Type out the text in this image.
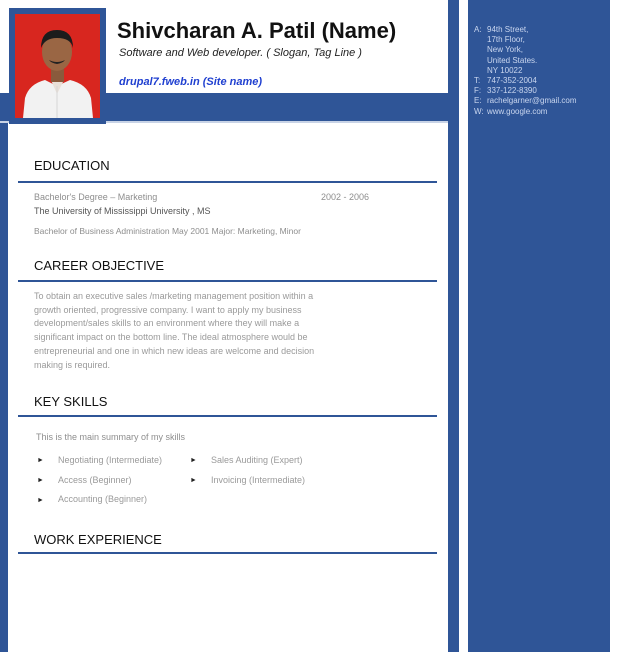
Shivcharan A. Patil (Name)
Software and Web developer. ( Slogan, Tag Line )
drupal7.fweb.in (Site name)
A: 94th Street,
17th Floor,
New York,
United States.
NY 10022
T: 747-352-2004
F: 337-122-8390
E: rachelgarner@gmail.com
W: www.google.com
EDUCATION
Bachelor's Degree – Marketing	2002 - 2006
The University of Mississippi University , MS
Bachelor of Business Administration May 2001 Major: Marketing, Minor
CAREER OBJECTIVE
To obtain an executive sales /marketing management position within a
growth oriented, progressive company. I want to apply my business
development/sales skills to an environment where they will make a
significant impact on the bottom line. The ideal atmosphere would be
entrepreneurial and one in which new ideas are welcome and decision
making is required.
KEY SKILLS
This is the main summary of my skills
► Negotiating (Intermediate)
► Access (Beginner)
► Accounting (Beginner)
► Sales Auditing (Expert)
► Invoicing (Intermediate)
WORK EXPERIENCE
